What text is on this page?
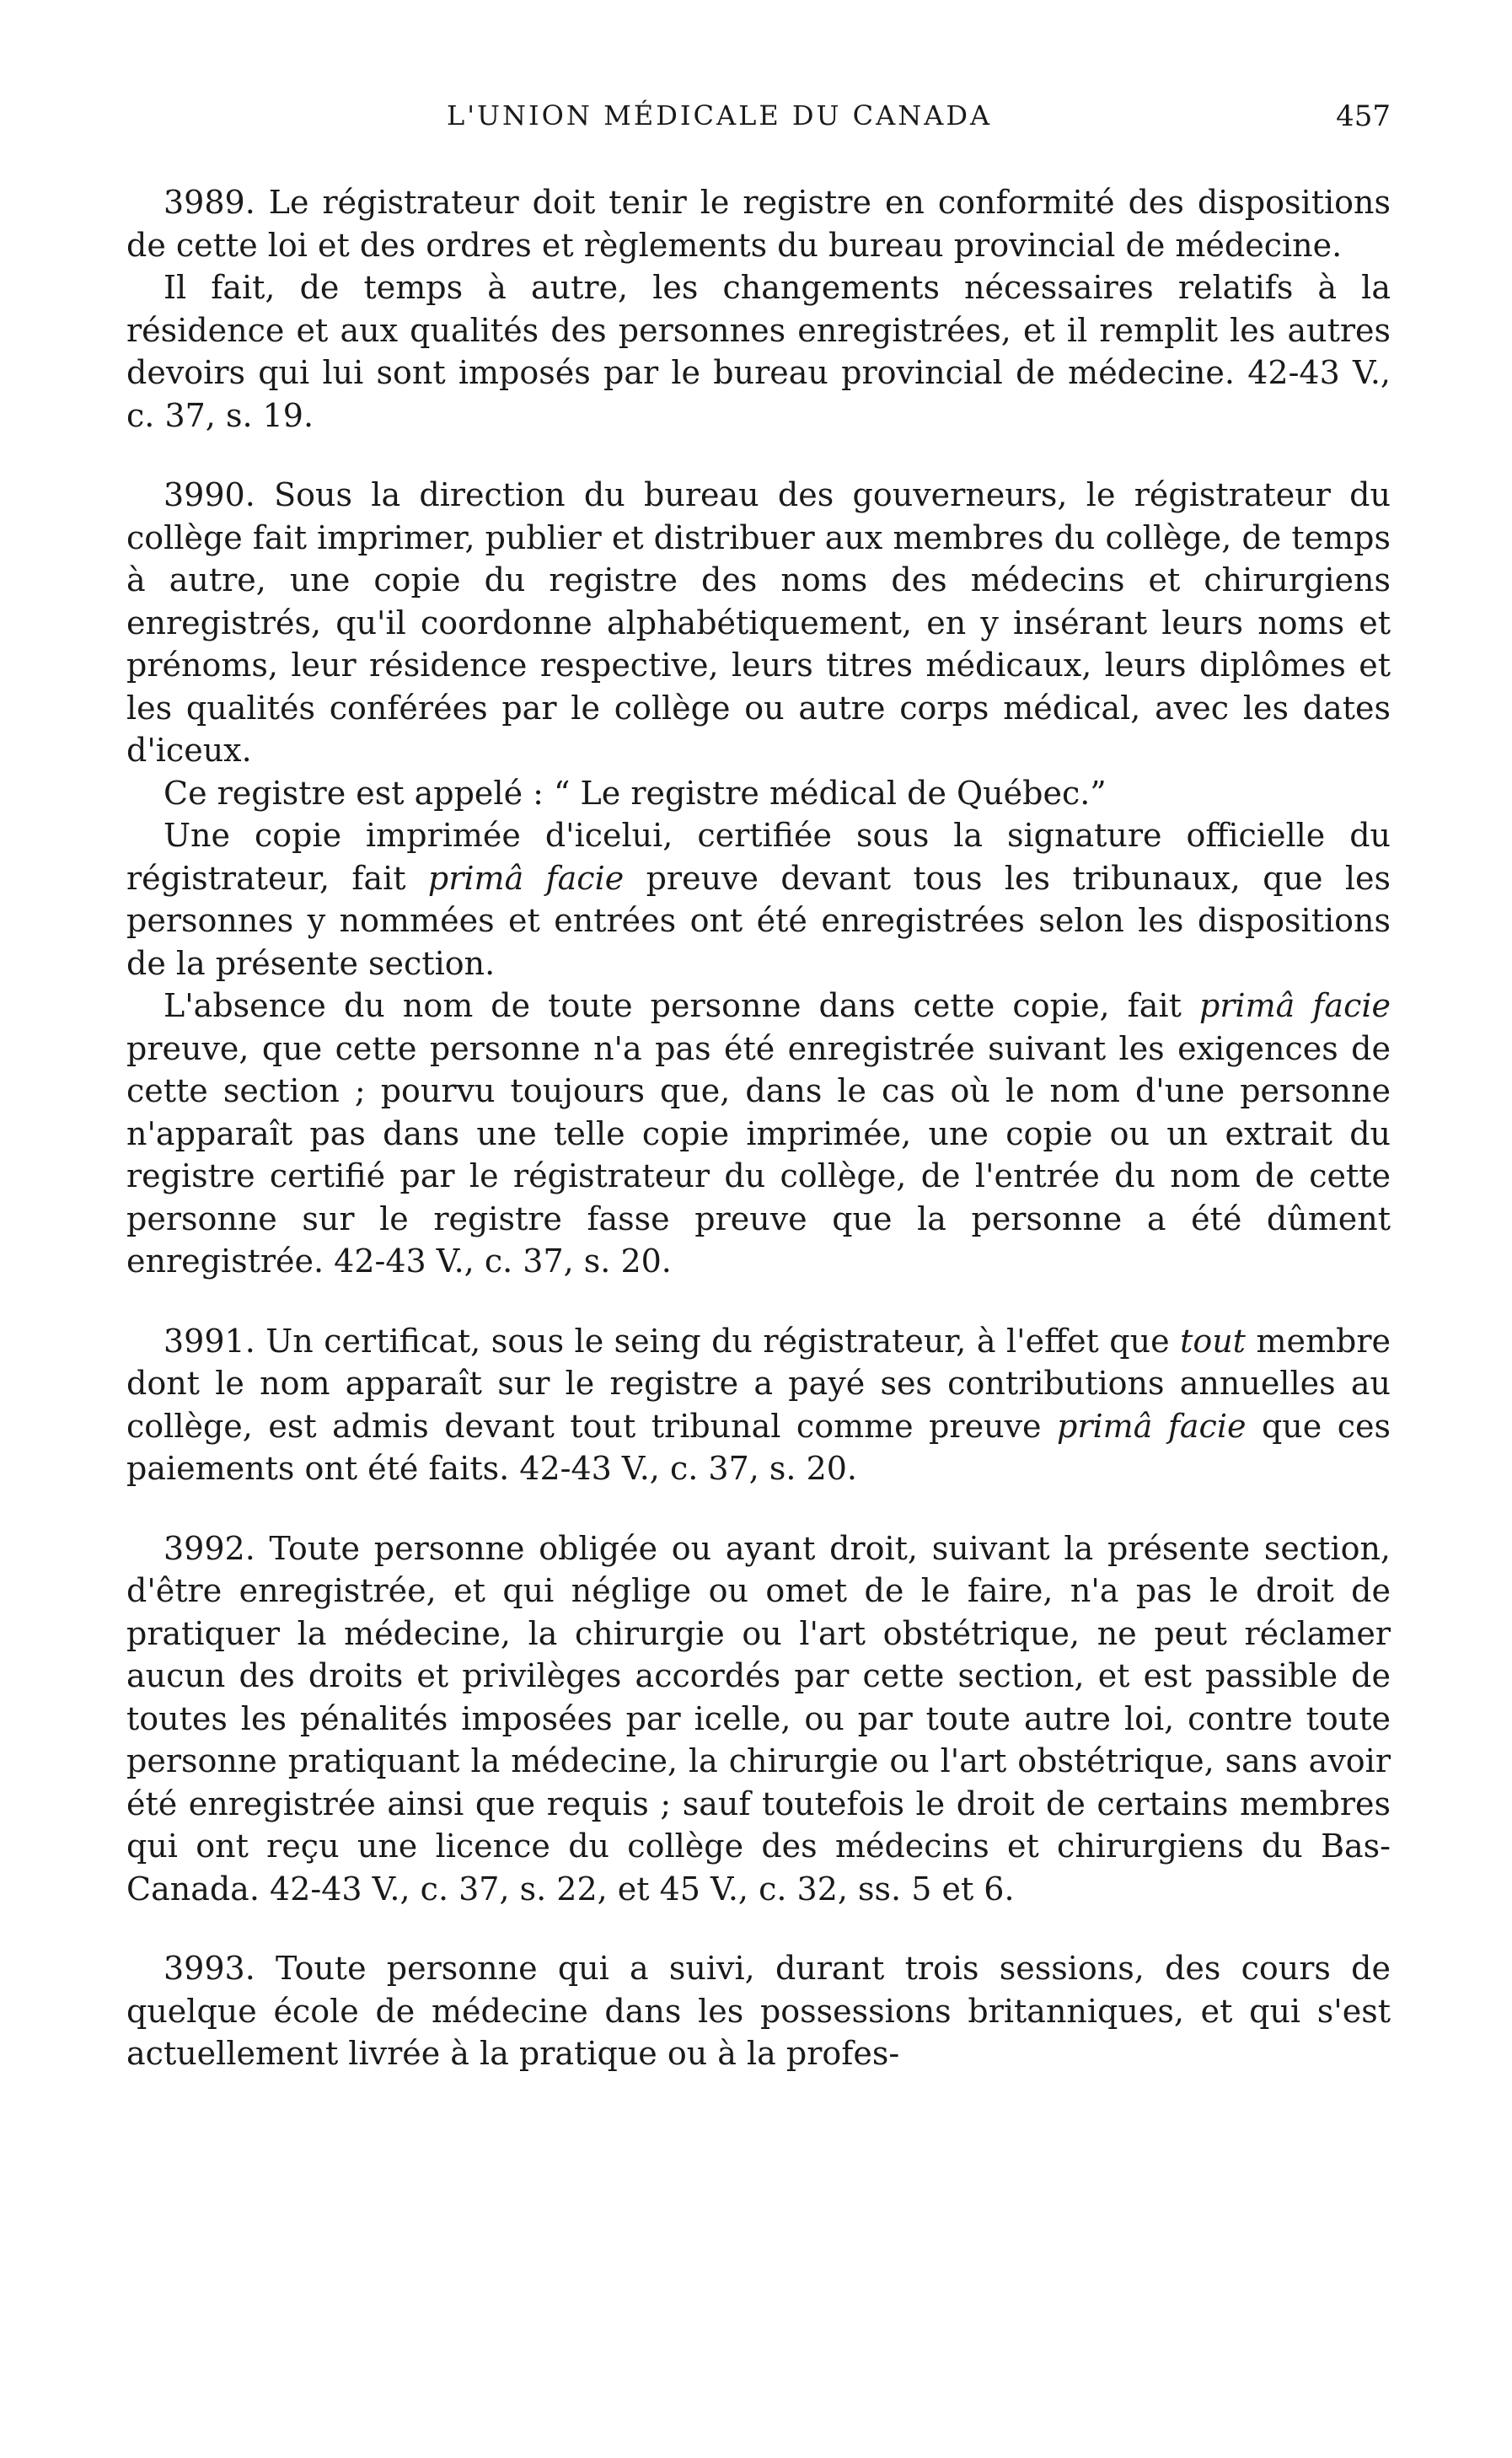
L'UNION MÉDICALE DU CANADA	457

3989. Le régistrateur doit tenir le registre en conformité des dispositions de cette loi et des ordres et règlements du bureau provincial de médecine.

Il fait, de temps à autre, les changements nécessaires relatifs à la résidence et aux qualités des personnes enregistrées, et il remplit les autres devoirs qui lui sont imposés par le bureau provincial de médecine. 42-43 V., c. 37, s. 19.

3990. Sous la direction du bureau des gouverneurs, le régistrateur du collège fait imprimer, publier et distribuer aux membres du collège, de temps à autre, une copie du registre des noms des médecins et chirurgiens enregistrés, qu'il coordonne alphabétiquement, en y insérant leurs noms et prénoms, leur résidence respective, leurs titres médicaux, leurs diplômes et les qualités conférées par le collège ou autre corps médical, avec les dates d'iceux.

Ce registre est appelé : “ Le registre médical de Québec.”

Une copie imprimée d'icelui, certifiée sous la signature officielle du régistrateur, fait primâ facie preuve devant tous les tribunaux, que les personnes y nommées et entrées ont été enregistrées selon les dispositions de la présente section.

L'absence du nom de toute personne dans cette copie, fait primâ facie preuve, que cette personne n'a pas été enregistrée suivant les exigences de cette section ; pourvu toujours que, dans le cas où le nom d'une personne n'apparaît pas dans une telle copie imprimée, une copie ou un extrait du registre certifié par le régistrateur du collège, de l'entrée du nom de cette personne sur le registre fasse preuve que la personne a été dûment enregistrée. 42-43 V., c. 37, s. 20.

3991. Un certificat, sous le seing du régistrateur, à l'effet que tout membre dont le nom apparaît sur le registre a payé ses contributions annuelles au collège, est admis devant tout tribunal comme preuve primâ facie que ces paiements ont été faits. 42-43 V., c. 37, s. 20.

3992. Toute personne obligée ou ayant droit, suivant la présente section, d'être enregistrée, et qui néglige ou omet de le faire, n'a pas le droit de pratiquer la médecine, la chirurgie ou l'art obstétrique, ne peut réclamer aucun des droits et privilèges accordés par cette section, et est passible de toutes les pénalités imposées par icelle, ou par toute autre loi, contre toute personne pratiquant la médecine, la chirurgie ou l'art obstétrique, sans avoir été enregistrée ainsi que requis ; sauf toutefois le droit de certains membres qui ont reçu une licence du collège des médecins et chirurgiens du Bas-Canada. 42-43 V., c. 37, s. 22, et 45 V., c. 32, ss. 5 et 6.

3993. Toute personne qui a suivi, durant trois sessions, des cours de quelque école de médecine dans les possessions britanniques, et qui s'est actuellement livrée à la pratique ou à la profes-
